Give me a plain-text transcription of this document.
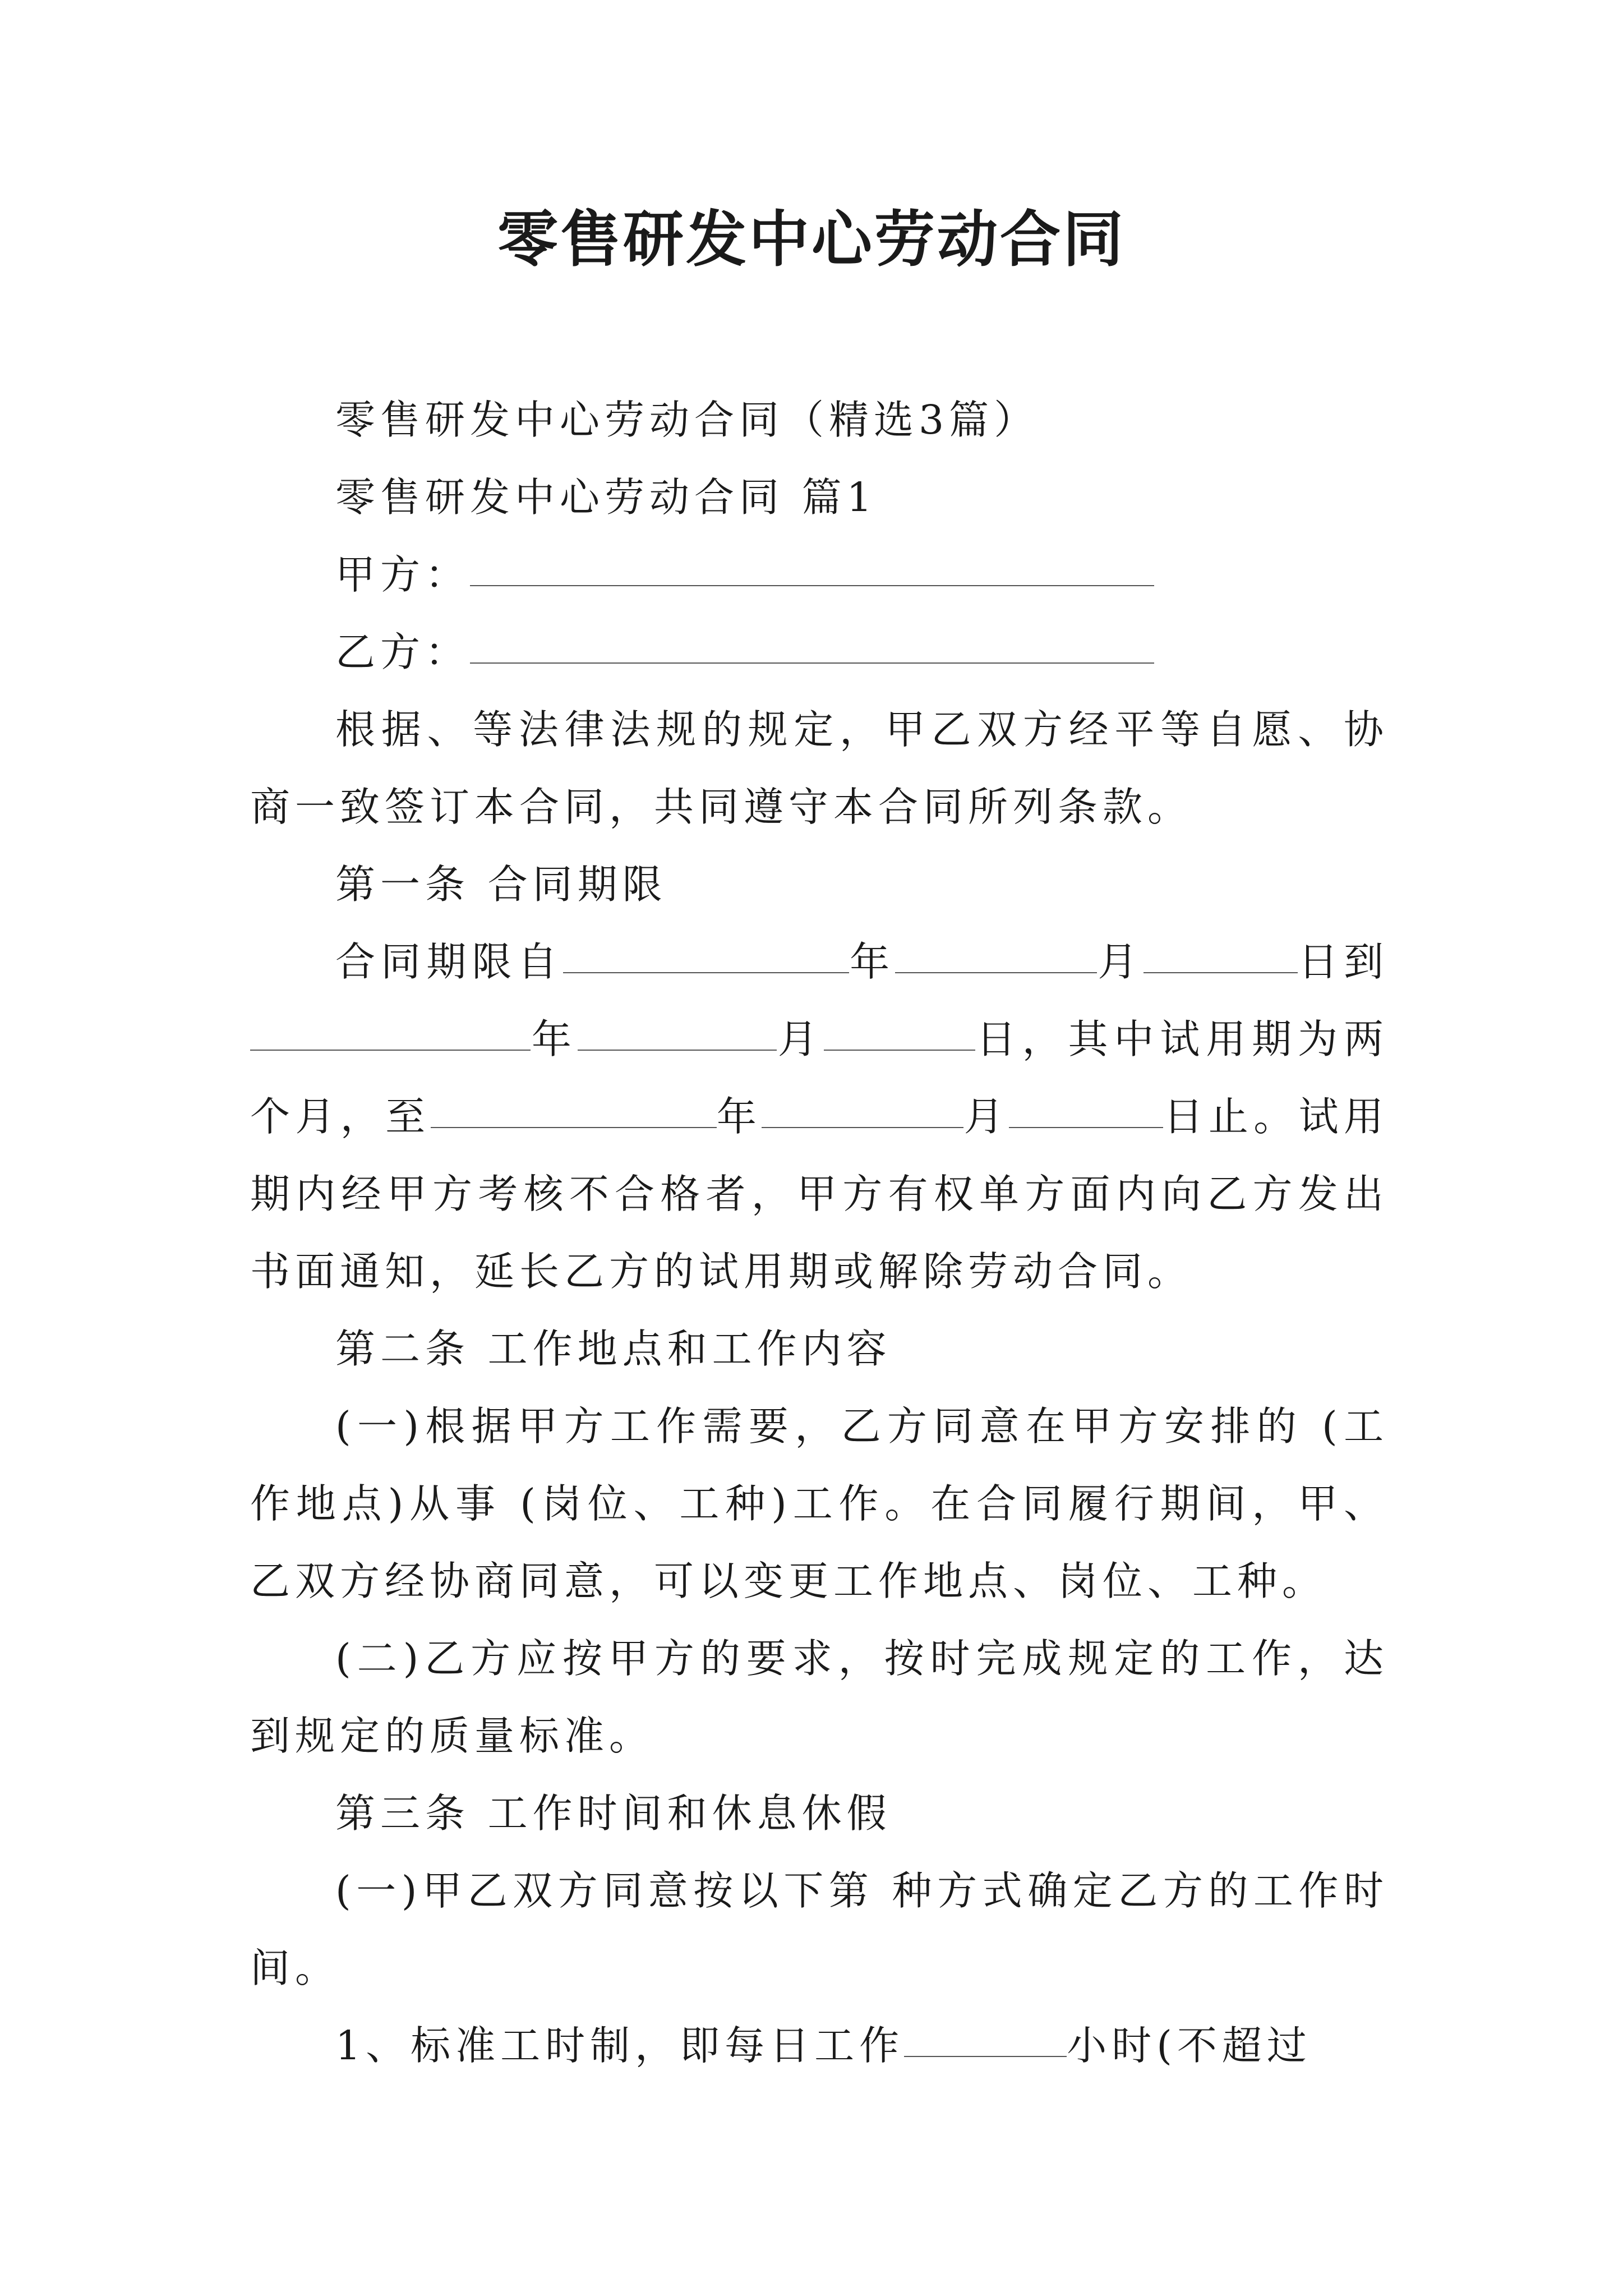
零售研发中心劳动合同

零售研发中心劳动合同（精选3篇）

零售研发中心劳动合同 篇1

甲方：

乙方：

根据、等法律法规的规定，甲乙双方经平等自愿、协商一致签订本合同，共同遵守本合同所列条款。

第一条 合同期限

合同期限自	年	月	日到年	月	日，其中试用期为两个月，至	年	月	日止。试用期内经甲方考核不合格者，甲方有权单方面内向乙方发出书面通知，延长乙方的试用期或解除劳动合同。

第二条 工作地点和工作内容

(一)根据甲方工作需要，乙方同意在甲方安排的 (工作地点)从事 (岗位、工种)工作。在合同履行期间，甲、乙双方经协商同意，可以变更工作地点、岗位、工种。

(二)乙方应按甲方的要求，按时完成规定的工作，达到规定的质量标准。

第三条 工作时间和休息休假

(一)甲乙双方同意按以下第 种方式确定乙方的工作时间。

1、标准工时制，即每日工作	小时(不超过
